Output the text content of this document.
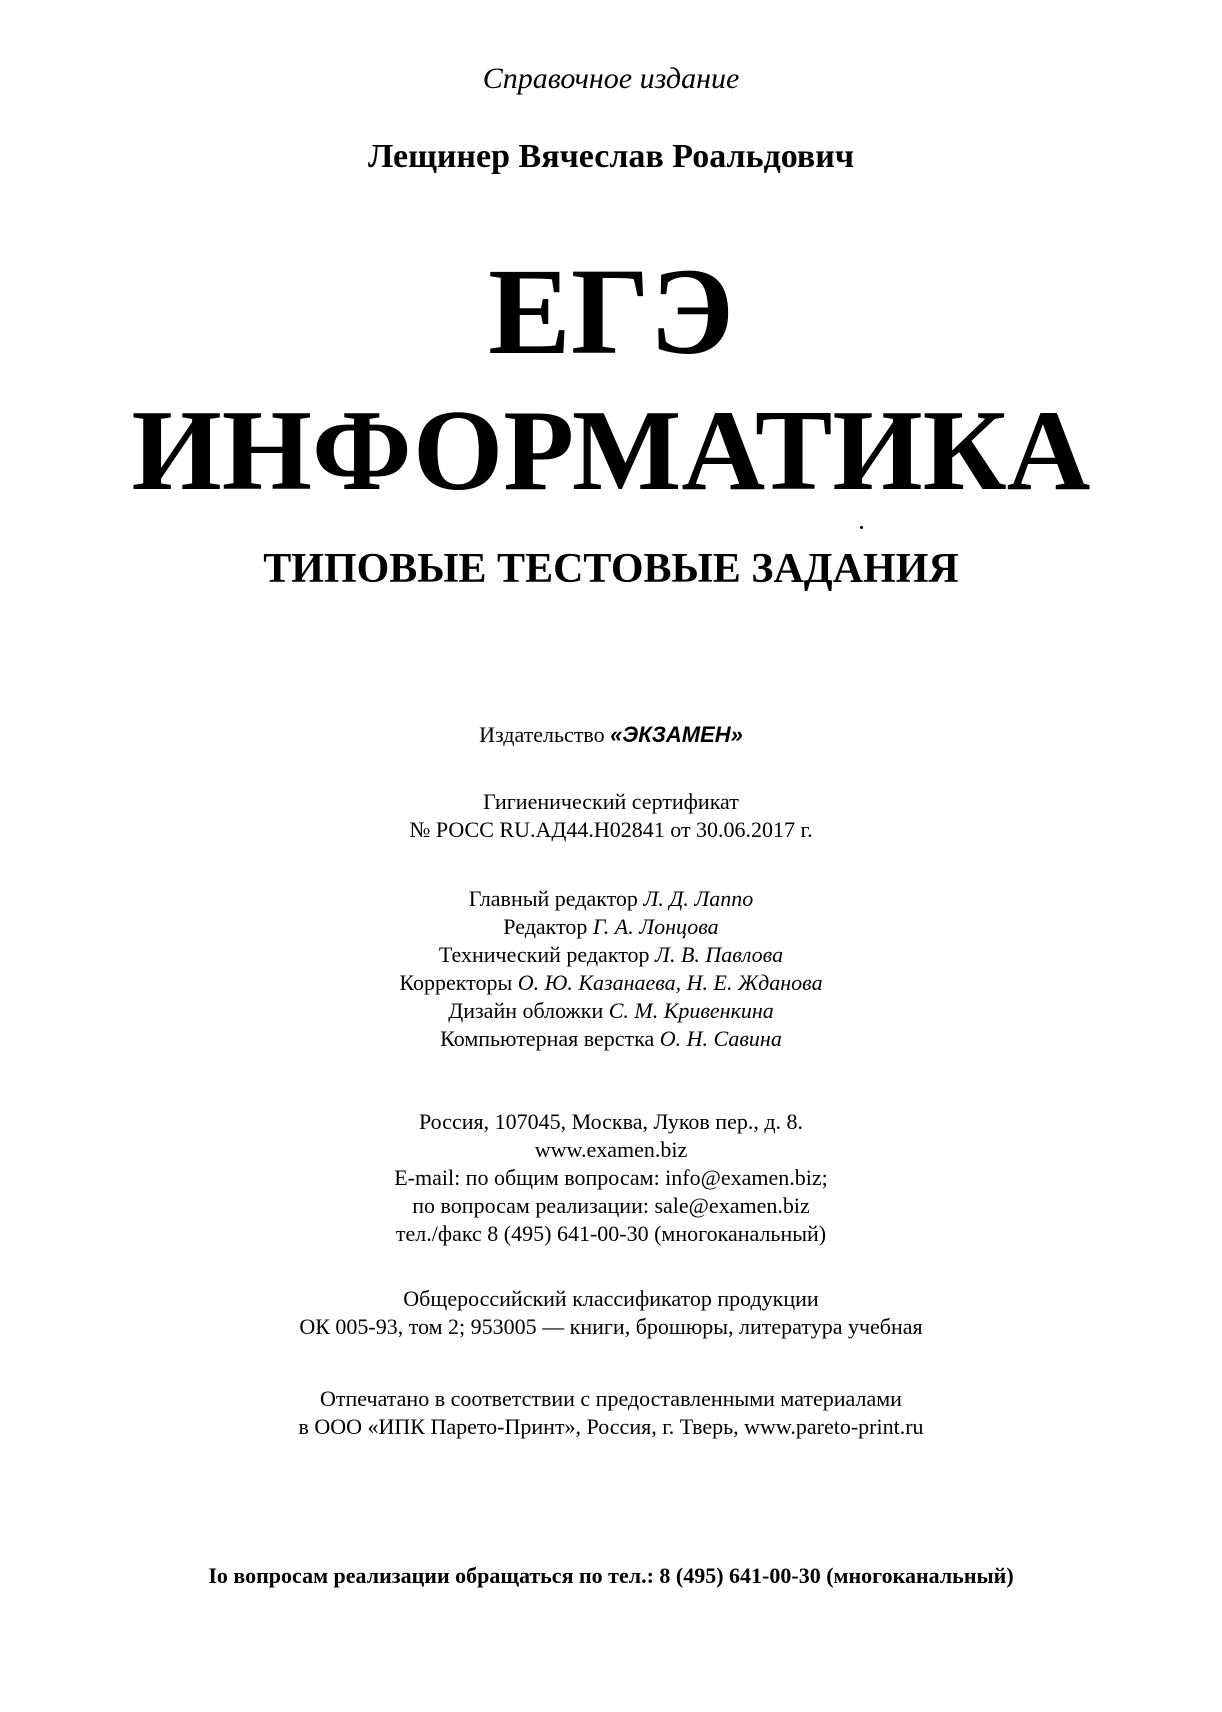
Справочное издание
Лещинер Вячеслав Роальдович
ЕГЭ
ИНФОРМАТИКА
ТИПОВЫЕ ТЕСТОВЫЕ ЗАДАНИЯ
Издательство «ЭКЗАМЕН»
Гигиенический сертификат
№ РОСС RU.АД44.Н02841 от 30.06.2017 г.
Главный редактор Л. Д. Лаппо
Редактор Г. А. Лонцова
Технический редактор Л. В. Павлова
Корректоры О. Ю. Казанаева, Н. Е. Жданова
Дизайн обложки С. М. Кривенкина
Компьютерная верстка О. Н. Савина
Россия, 107045, Москва, Луков пер., д. 8.
www.examen.biz
E-mail: по общим вопросам: info@examen.biz;
по вопросам реализации: sale@examen.biz
тел./факс 8 (495) 641-00-30 (многоканальный)
Общероссийский классификатор продукции
ОК 005-93, том 2; 953005 — книги, брошюры, литература учебная
Отпечатано в соответствии с предоставленными материалами
в ООО «ИПК Парето-Принт», Россия, г. Тверь, www.pareto-print.ru
Іо вопросам реализации обращаться по тел.: 8 (495) 641-00-30 (многоканальный)
